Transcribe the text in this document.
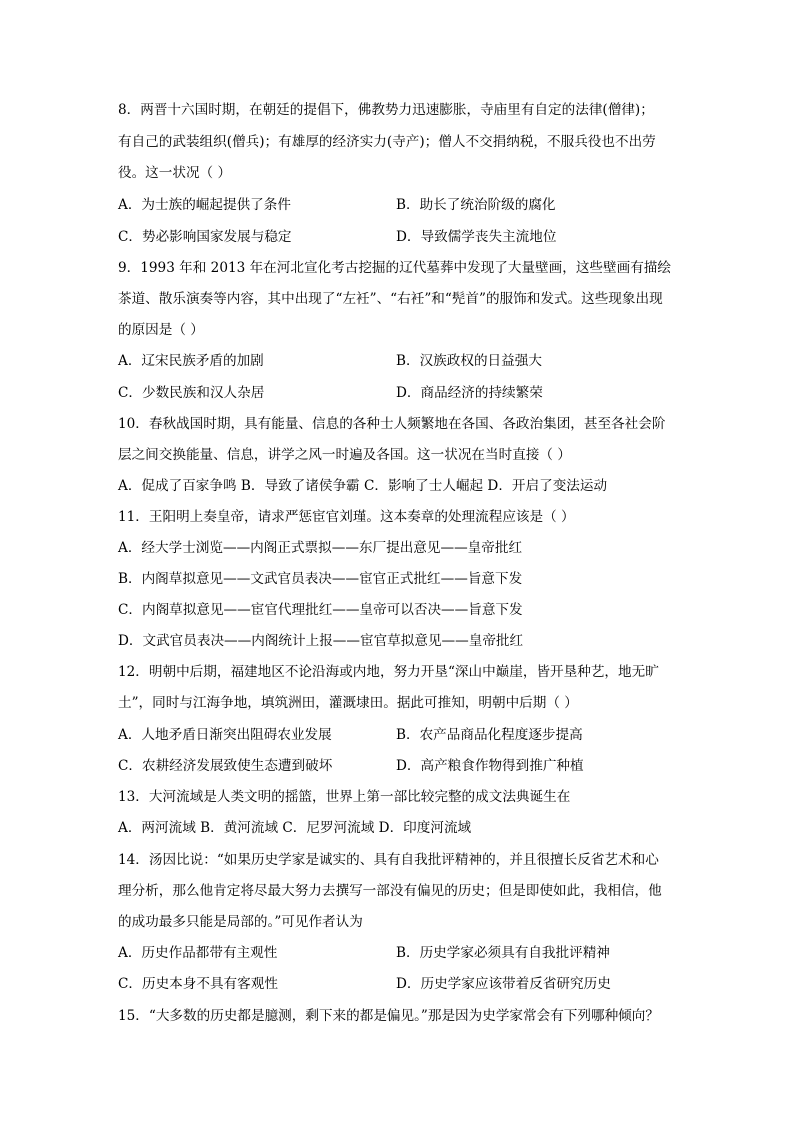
8．两晋十六国时期，在朝廷的提倡下，佛教势力迅速膨胀，寺庙里有自定的法律(僧律)；
有自己的武装组织(僧兵)；有雄厚的经济实力(寺产)；僧人不交捐纳税，不服兵役也不出劳
役。这一状况（ ）
A．为士族的崛起提供了条件	B．助长了统治阶级的腐化
C．势必影响国家发展与稳定	D．导致儒学丧失主流地位
9．1993 年和 2013 年在河北宣化考古挖掘的辽代墓葬中发现了大量壁画，这些壁画有描绘
茶道、散乐演奏等内容，其中出现了“左衽”、“右衽”和“髡首”的服饰和发式。这些现象出现
的原因是（ ）
A．辽宋民族矛盾的加剧	B．汉族政权的日益强大
C．少数民族和汉人杂居	D．商品经济的持续繁荣
10．春秋战国时期，具有能量、信息的各种士人频繁地在各国、各政治集团，甚至各社会阶
层之间交换能量、信息，讲学之风一时遍及各国。这一状况在当时直接（ ）
A．促成了百家争鸣 B．导致了诸侯争霸 C．影响了士人崛起 D．开启了变法运动
11．王阳明上奏皇帝，请求严惩宦官刘瑾。这本奏章的处理流程应该是（ ）
A．经大学士浏览——内阁正式票拟——东厂提出意见——皇帝批红
B．内阁草拟意见——文武官员表决——宦官正式批红——旨意下发
C．内阁草拟意见——宦官代理批红——皇帝可以否决——旨意下发
D．文武官员表决——内阁统计上报——宦官草拟意见——皇帝批红
12．明朝中后期，福建地区不论沿海或内地，努力开垦“深山中巅崖，皆开垦种艺，地无旷
土”，同时与江海争地，填筑洲田，灌溉埭田。据此可推知，明朝中后期（ ）
A．人地矛盾日渐突出阻碍农业发展	B．农产品商品化程度逐步提高
C．农耕经济发展致使生态遭到破坏	D．高产粮食作物得到推广种植
13．大河流域是人类文明的摇篮，世界上第一部比较完整的成文法典诞生在
A．两河流域 B．黄河流域 C．尼罗河流域 D．印度河流域
14．汤因比说：“如果历史学家是诚实的、具有自我批评精神的，并且很擅长反省艺术和心
理分析，那么他肯定将尽最大努力去撰写一部没有偏见的历史；但是即使如此，我相信，他
的成功最多只能是局部的。”可见作者认为
A．历史作品都带有主观性	B．历史学家必须具有自我批评精神
C．历史本身不具有客观性	D．历史学家应该带着反省研究历史
15．“大多数的历史都是臆测，剩下来的都是偏见。”那是因为史学家常会有下列哪种倾向？
